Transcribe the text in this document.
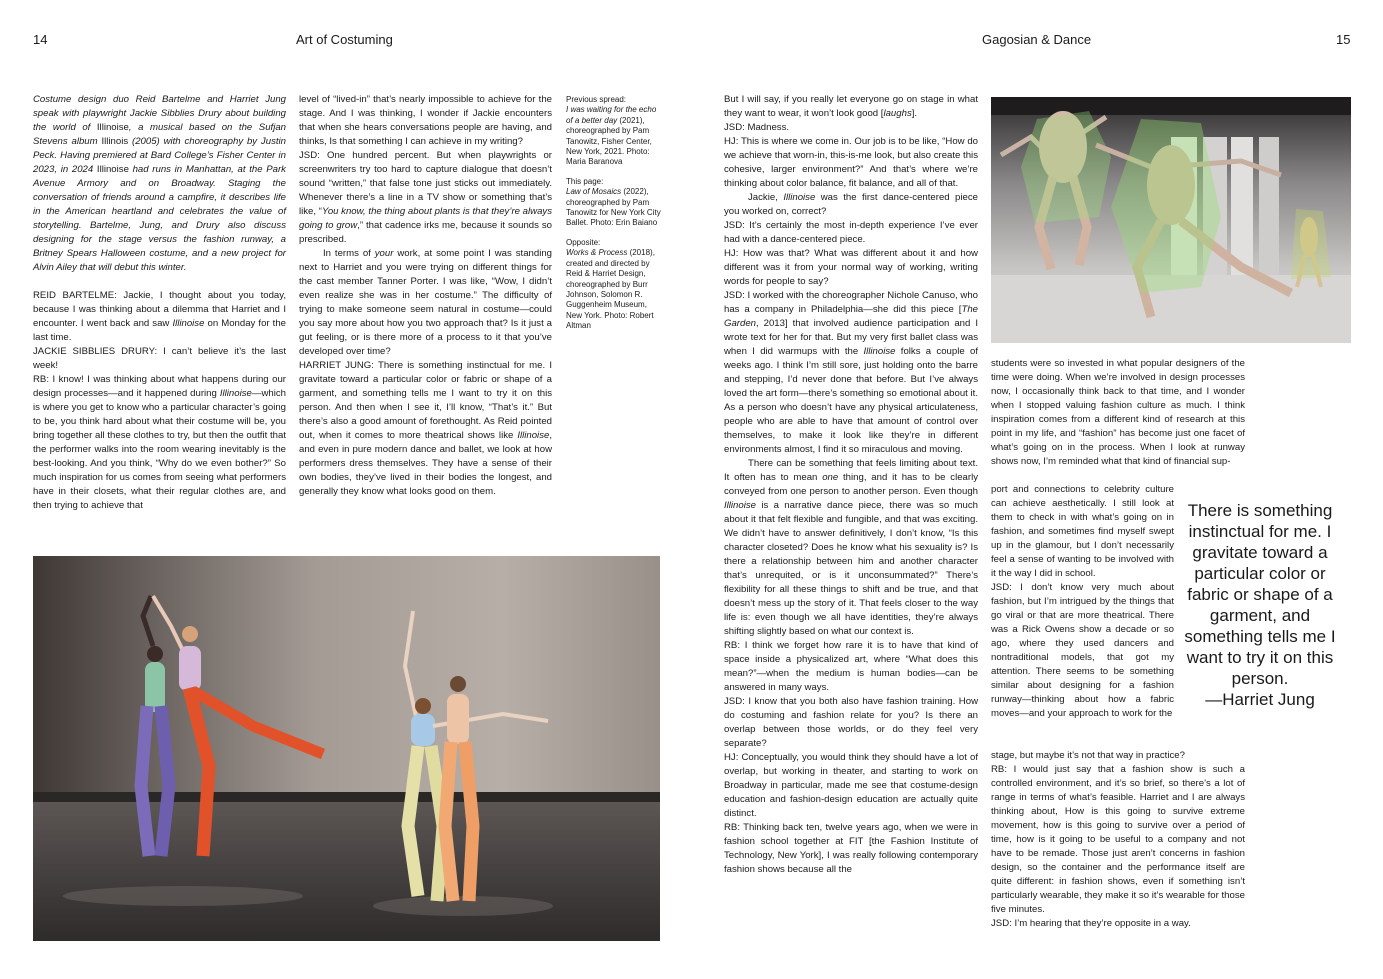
14	Art of Costuming	Gagosian & Dance	15

Costume design duo Reid Bartelme and Harriet Jung speak with playwright Jackie Sibblies Drury about building the world of Illinoise, a musical based on the Sufjan Stevens album Illinois (2005) with choreography by Justin Peck. Having premiered at Bard College’s Fisher Center in 2023, in 2024 Illinoise had runs in Manhattan, at the Park Avenue Armory and on Broadway. Staging the conversation of friends around a campfire, it describes life in the American heartland and celebrates the value of storytelling. Bartelme, Jung, and Drury also discuss designing for the stage versus the fashion runway, a Britney Spears Halloween costume, and a new project for Alvin Ailey that will debut this winter.

REID BARTELME: Jackie, I thought about you today, because I was thinking about a dilemma that Harriet and I encounter. I went back and saw Illinoise on Monday for the last time.

JACKIE SIBBLIES DRURY: I can’t believe it’s the last week!

RB: I know! I was thinking about what happens during our design processes—and it happened during Illinoise—which is where you get to know who a particular character’s going to be, you think hard about what their costume will be, you bring together all these clothes to try, but then the outfit that the performer walks into the room wearing inevitably is the best-looking. And you think, “Why do we even bother?” So much inspiration for us comes from seeing what performers have in their closets, what their regular clothes are, and then trying to achieve that

level of “lived-in” that’s nearly impossible to achieve for the stage. And I was thinking, I wonder if Jackie encounters that when she hears conversations people are having, and thinks, Is that something I can achieve in my writing?

JSD: One hundred percent. But when playwrights or screenwriters try too hard to capture dialogue that doesn’t sound “written,” that false tone just sticks out immediately. Whenever there’s a line in a TV show or something that’s like, “You know, the thing about plants is that they’re always going to grow,” that cadence irks me, because it sounds so prescribed.

In terms of your work, at some point I was standing next to Harriet and you were trying on different things for the cast member Tanner Porter. I was like, “Wow, I didn’t even realize she was in her costume.” The difficulty of trying to make someone seem natural in costume—could you say more about how you two approach that? Is it just a gut feeling, or is there more of a process to it that you’ve developed over time?

HARRIET JUNG: There is something instinctual for me. I gravitate toward a particular color or fabric or shape of a garment, and something tells me I want to try it on this person. And then when I see it, I’ll know, “That’s it.” But there’s also a good amount of forethought. As Reid pointed out, when it comes to more theatrical shows like Illinoise, and even in pure modern dance and ballet, we look at how performers dress themselves. They have a sense of their own bodies, they’ve lived in their bodies the longest, and generally they know what looks good on them.

Previous spread:
I was waiting for the echo of a better day (2021), choreographed by Pam Tanowitz, Fisher Center, New York, 2021. Photo: Maria Baranova

This page:
Law of Mosaics (2022), choreographed by Pam Tanowitz for New York City Ballet. Photo: Erin Baiano

Opposite:
Works & Process (2018), created and directed by Reid & Harriet Design, choreographed by Burr Johnson, Solomon R. Guggenheim Museum, New York. Photo: Robert Altman

But I will say, if you really let everyone go on stage in what they want to wear, it won’t look good [laughs].

JSD: Madness.

HJ: This is where we come in. Our job is to be like, “How do we achieve that worn-in, this-is-me look, but also create this cohesive, larger environment?” And that’s where we’re thinking about color balance, fit balance, and all of that.

Jackie, Illinoise was the first dance-centered piece you worked on, correct?

JSD: It’s certainly the most in-depth experience I’ve ever had with a dance-centered piece.

HJ: How was that? What was different about it and how different was it from your normal way of working, writing words for people to say?

JSD: I worked with the choreographer Nichole Canuso, who has a company in Philadelphia—she did this piece [The Garden, 2013] that involved audience participation and I wrote text for her for that. But my very first ballet class was when I did warmups with the Illinoise folks a couple of weeks ago. I think I’m still sore, just holding onto the barre and stepping, I’d never done that before. But I’ve always loved the art form—there’s something so emotional about it. As a person who doesn’t have any physical articulateness, people who are able to have that amount of control over themselves, to make it look like they’re in different environments almost, I find it so miraculous and moving.

There can be something that feels limiting about text. It often has to mean one thing, and it has to be clearly conveyed from one person to another person. Even though Illinoise is a narrative dance piece, there was so much about it that felt flexible and fungible, and that was exciting. We didn’t have to answer definitively, I don’t know, “Is this character closeted? Does he know what his sexuality is? Is there a relationship between him and another character that’s unrequited, or is it unconsummated?” There’s flexibility for all these things to shift and be true, and that doesn’t mess up the story of it. That feels closer to the way life is: even though we all have identities, they’re always shifting slightly based on what our context is.

RB: I think we forget how rare it is to have that kind of space inside a physicalized art, where “What does this mean?”—when the medium is human bodies—can be answered in many ways.

JSD: I know that you both also have fashion training. How do costuming and fashion relate for you? Is there an overlap between those worlds, or do they feel very separate?

HJ: Conceptually, you would think they should have a lot of overlap, but working in theater, and starting to work on Broadway in particular, made me see that costume-design education and fashion-design education are actually quite distinct.

RB: Thinking back ten, twelve years ago, when we were in fashion school together at FIT [the Fashion Institute of Technology, New York], I was really following contemporary fashion shows because all the

students were so invested in what popular designers of the time were doing. When we’re involved in design processes now, I occasionally think back to that time, and I wonder when I stopped valuing fashion culture as much. I think inspiration comes from a different kind of research at this point in my life, and “fashion” has become just one facet of what’s going on in the process. When I look at runway shows now, I’m reminded what that kind of financial sup-

port and connections to celebrity culture can achieve aesthetically. I still look at them to check in with what’s going on in fashion, and sometimes find myself swept up in the glamour, but I don’t necessarily feel a sense of wanting to be involved with it the way I did in school.

JSD: I don’t know very much about fashion, but I’m intrigued by the things that go viral or that are more theatrical. There was a Rick Owens show a decade or so ago, where they used dancers and nontraditional models, that got my attention. There seems to be something similar about designing for a fashion runway—thinking about how a fabric moves—and your approach to work for the

stage, but maybe it’s not that way in practice?

RB: I would just say that a fashion show is such a controlled environment, and it’s so brief, so there’s a lot of range in terms of what’s feasible. Harriet and I are always thinking about, How is this going to survive extreme movement, how is this going to survive over a period of time, how is it going to be useful to a company and not have to be remade. Those just aren’t concerns in fashion design, so the container and the performance itself are quite different: in fashion shows, even if something isn’t particularly wearable, they make it so it’s wearable for those five minutes.

JSD: I’m hearing that they’re opposite in a way.

There is something instinctual for me. I gravitate toward a particular color or fabric or shape of a garment, and something tells me I want to try it on this person.
—Harriet Jung
